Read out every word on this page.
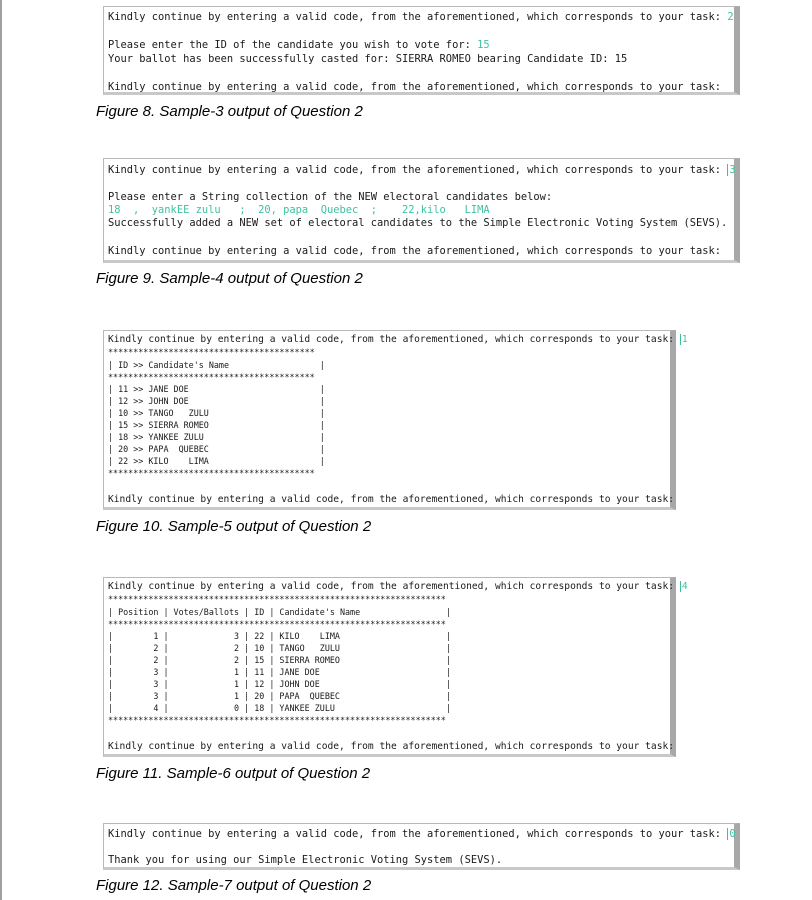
Kindly continue by entering a valid code, from the aforementioned, which corresponds to your task: 2
Please enter the ID of the candidate you wish to vote for: 15
Your ballot has been successfully casted for: SIERRA ROMEO bearing Candidate ID: 15
Kindly continue by entering a valid code, from the aforementioned, which corresponds to your task:
Figure 8. Sample-3 output of Question 2
Kindly continue by entering a valid code, from the aforementioned, which corresponds to your task: 3
Please enter a String collection of the NEW electoral candidates below:
18  ,  yankEE zulu   ;  20, papa  Quebec  ;    22,kilo   LIMA
Successfully added a NEW set of electoral candidates to the Simple Electronic Voting System (SEVS).
Kindly continue by entering a valid code, from the aforementioned, which corresponds to your task:
Figure 9. Sample-4 output of Question 2
Kindly continue by entering a valid code, from the aforementioned, which corresponds to your task: 1
*****************************************
| ID >> Candidate's Name                  |
*****************************************
| 11 >> JANE DOE                          |
| 12 >> JOHN DOE                          |
| 10 >> TANGO   ZULU                      |
| 15 >> SIERRA ROMEO                      |
| 18 >> YANKEE ZULU                       |
| 20 >> PAPA  QUEBEC                      |
| 22 >> KILO    LIMA                      |
*****************************************
Kindly continue by entering a valid code, from the aforementioned, which corresponds to your task:
Figure 10. Sample-5 output of Question 2
Kindly continue by entering a valid code, from the aforementioned, which corresponds to your task: 4
*******************************************************************
| Position | Votes/Ballots | ID | Candidate's Name                 |
*******************************************************************
|        1 |             3 | 22 | KILO    LIMA                     |
|        2 |             2 | 10 | TANGO   ZULU                     |
|        2 |             2 | 15 | SIERRA ROMEO                     |
|        3 |             1 | 11 | JANE DOE                         |
|        3 |             1 | 12 | JOHN DOE                         |
|        3 |             1 | 20 | PAPA  QUEBEC                     |
|        4 |             0 | 18 | YANKEE ZULU                      |
*******************************************************************
Kindly continue by entering a valid code, from the aforementioned, which corresponds to your task:
Figure 11. Sample-6 output of Question 2
Kindly continue by entering a valid code, from the aforementioned, which corresponds to your task: 0
Thank you for using our Simple Electronic Voting System (SEVS).
Figure 12. Sample-7 output of Question 2
